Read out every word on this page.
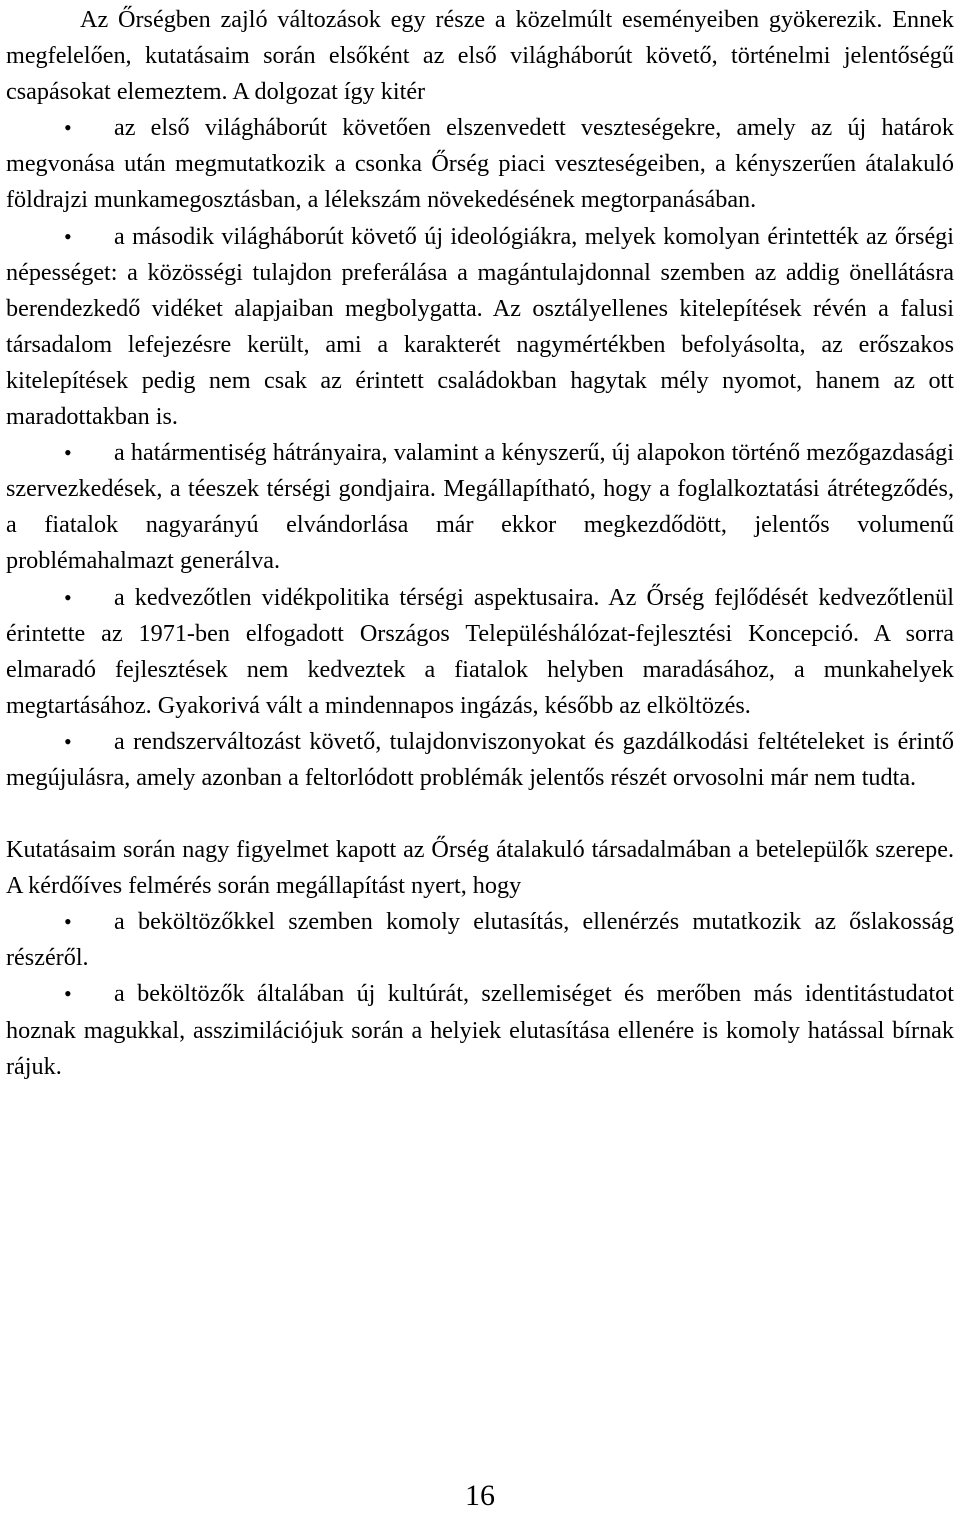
Az Őrségben zajló változások egy része a közelmúlt eseményeiben gyökerezik. Ennek megfelelően, kutatásaim során elsőként az első világháborút követő, történelmi jelentőségű csapásokat elemeztem. A dolgozat így kitér

• az első világháborút követően elszenvedett veszteségekre, amely az új határok megvonása után megmutatkozik a csonka Őrség piaci veszteségeiben, a kényszerűen átalakuló földrajzi munkamegosztásban, a lélekszám növekedésének megtorpanásában.

• a második világháborút követő új ideológiákra, melyek komolyan érintették az őrségi népességet: a közösségi tulajdon preferálása a magántulajdonnal szemben az addig önellátásra berendezkedő vidéket alapjaiban megbolygatta. Az osztályellenes kitelepítések révén a falusi társadalom lefejezésre került, ami a karakterét nagymértékben befolyásolta, az erőszakos kitelepítések pedig nem csak az érintett családokban hagytak mély nyomot, hanem az ott maradottakban is.

• a határmentiség hátrányaira, valamint a kényszerű, új alapokon történő mezőgazdasági szervezkedések, a téeszek térségi gondjaira. Megállapítható, hogy a foglalkoztatási átrétegződés, a fiatalok nagyarányú elvándorlása már ekkor megkezdődött, jelentős volumenű problémahalmazt generálva.

• a kedvezőtlen vidékpolitika térségi aspektusaira. Az Őrség fejlődését kedvezőtlenül érintette az 1971-ben elfogadott Országos Településhálózat-fejlesztési Koncepció. A sorra elmaradó fejlesztések nem kedveztek a fiatalok helyben maradásához, a munkahelyek megtartásához. Gyakorivá vált a mindennapos ingázás, később az elköltözés.

• a rendszerváltozást követő, tulajdonviszonyokat és gazdálkodási feltételeket is érintő megújulásra, amely azonban a feltorlódott problémák jelentős részét orvosolni már nem tudta.

Kutatásaim során nagy figyelmet kapott az Őrség átalakuló társadalmában a betelepülők szerepe. A kérdőíves felmérés során megállapítást nyert, hogy

• a beköltözőkkel szemben komoly elutasítás, ellenérzés mutatkozik az őslakosság részéről.

• a beköltözők általában új kultúrát, szellemiséget és merőben más identitástudatot hoznak magukkal, asszimilációjuk során a helyiek elutasítása ellenére is komoly hatással bírnak rájuk.

16
